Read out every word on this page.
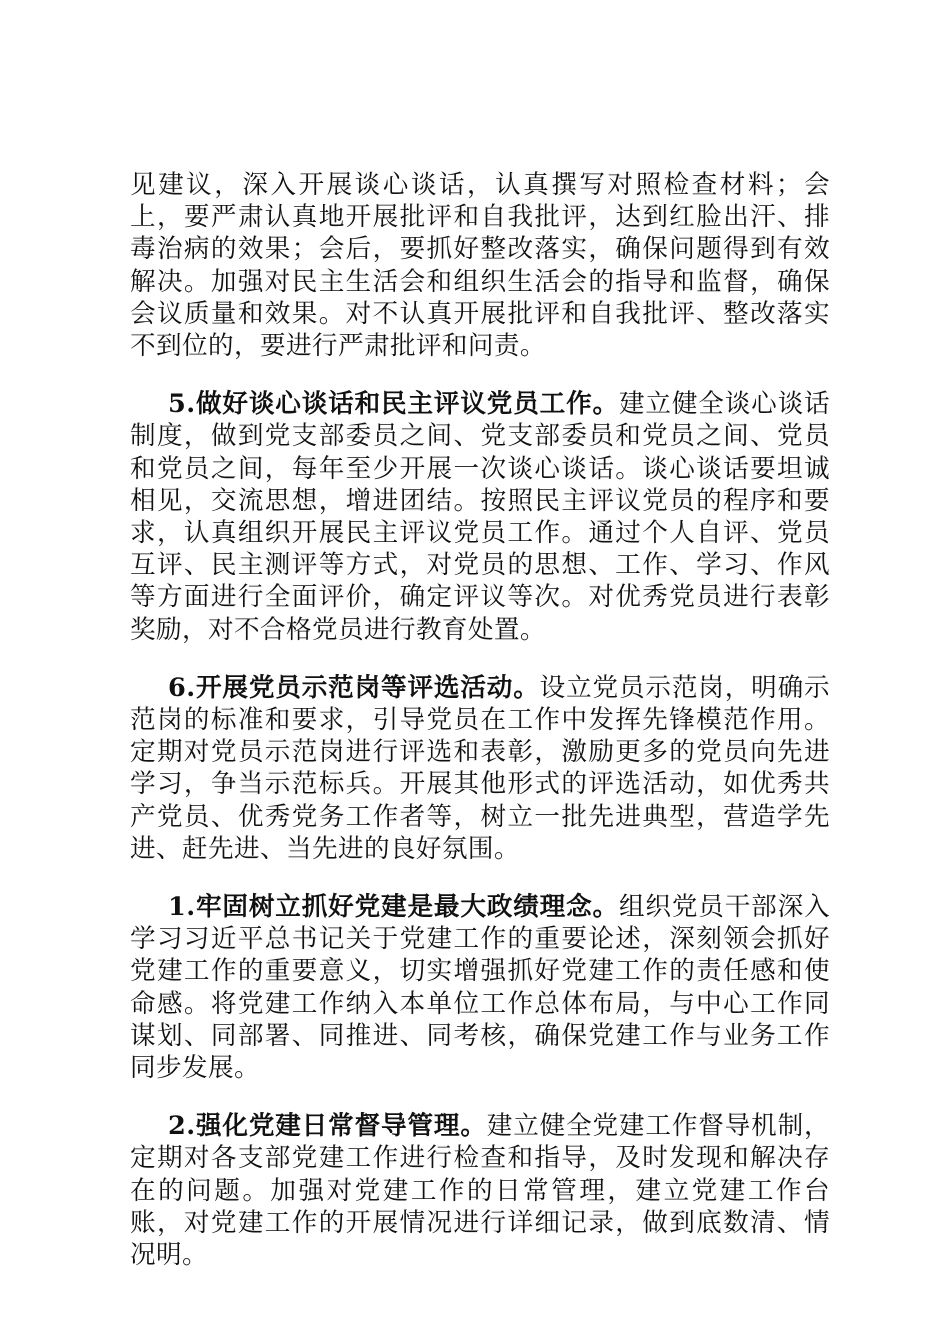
见建议，深入开展谈心谈话，认真撰写对照检查材料；会上，要严肃认真地开展批评和自我批评，达到红脸出汗、排毒治病的效果；会后，要抓好整改落实，确保问题得到有效解决。加强对民主生活会和组织生活会的指导和监督，确保会议质量和效果。对不认真开展批评和自我批评、整改落实不到位的，要进行严肃批评和问责。

5.做好谈心谈话和民主评议党员工作。建立健全谈心谈话制度，做到党支部委员之间、党支部委员和党员之间、党员和党员之间，每年至少开展一次谈心谈话。谈心谈话要坦诚相见，交流思想，增进团结。按照民主评议党员的程序和要求，认真组织开展民主评议党员工作。通过个人自评、党员互评、民主测评等方式，对党员的思想、工作、学习、作风等方面进行全面评价，确定评议等次。对优秀党员进行表彰奖励，对不合格党员进行教育处置。

6.开展党员示范岗等评选活动。设立党员示范岗，明确示范岗的标准和要求，引导党员在工作中发挥先锋模范作用。定期对党员示范岗进行评选和表彰，激励更多的党员向先进学习，争当示范标兵。开展其他形式的评选活动，如优秀共产党员、优秀党务工作者等，树立一批先进典型，营造学先进、赶先进、当先进的良好氛围。

1.牢固树立抓好党建是最大政绩理念。组织党员干部深入学习习近平总书记关于党建工作的重要论述，深刻领会抓好党建工作的重要意义，切实增强抓好党建工作的责任感和使命感。将党建工作纳入本单位工作总体布局，与中心工作同谋划、同部署、同推进、同考核，确保党建工作与业务工作同步发展。

2.强化党建日常督导管理。建立健全党建工作督导机制，定期对各支部党建工作进行检查和指导，及时发现和解决存在的问题。加强对党建工作的日常管理，建立党建工作台账，对党建工作的开展情况进行详细记录，做到底数清、情况明。
